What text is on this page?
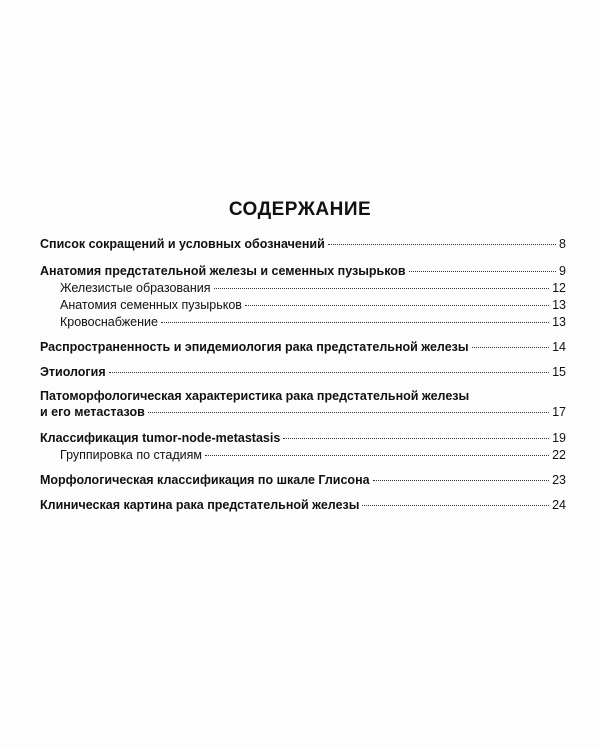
СОДЕРЖАНИЕ
Список сокращений и условных обозначений	8
Анатомия предстательной железы и семенных пузырьков	9
Железистые образования	12
Анатомия семенных пузырьков	13
Кровоснабжение	13
Распространенность и эпидемиология рака предстательной железы	14
Этиология	15
Патоморфологическая характеристика рака предстательной железы
и его метастазов	17
Классификация tumor-node-metastasis	19
Группировка по стадиям	22
Морфологическая классификация по шкале Глисона	23
Клиническая картина рака предстательной железы	24
